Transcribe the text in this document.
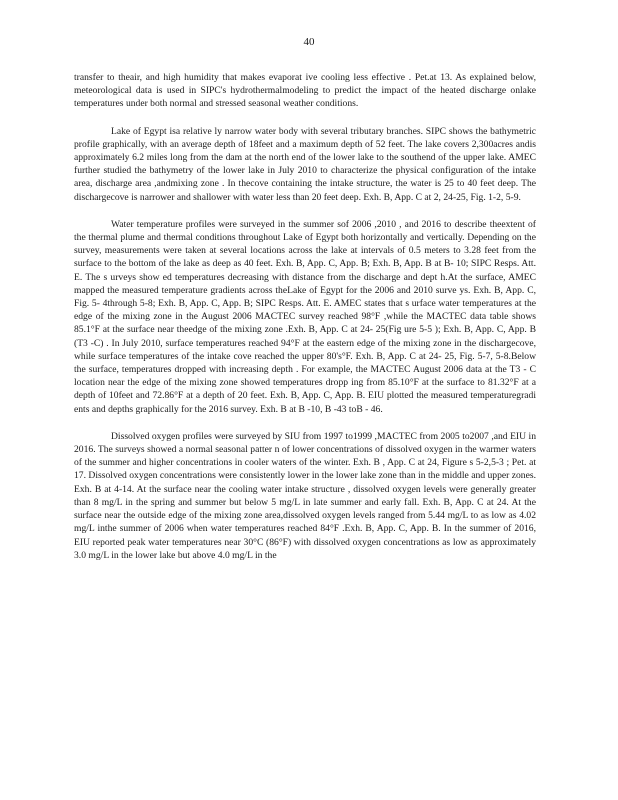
40

transfer to theair, and high humidity that makes evaporat ive cooling less effective . Pet.at 13. As explained below, meteorological data is used in SIPC's hydrothermalmodeling to predict the impact of the heated discharge onlake temperatures under both normal and stressed seasonal weather conditions.

Lake of Egypt isa relative ly narrow water body with several tributary branches. SIPC shows the bathymetric profile graphically, with an average depth of 18feet and a maximum depth of 52 feet. The lake covers 2,300acres andis approximately 6.2 miles long from the dam at the north end of the lower lake to the southend of the upper lake. AMEC further studied the bathymetry of the lower lake in July 2010 to characterize the physical configuration of the intake area, discharge area ,andmixing zone . In thecove containing the intake structure, the water is 25 to 40 feet deep. The dischargecove is narrower and shallower with water less than 20 feet deep. Exh. B, App. C at 2, 24-25, Fig. 1-2, 5-9.

Water temperature profiles were surveyed in the summer sof 2006 ,2010 , and 2016 to describe theextent of the thermal plume and thermal conditions throughout Lake of Egypt both horizontally and vertically. Depending on the survey, measurements were taken at several locations across the lake at intervals of 0.5 meters to 3.28 feet from the surface to the bottom of the lake as deep as 40 feet. Exh. B, App. C, App. B; Exh. B, App. B at B- 10; SIPC Resps. Att. E. The s urveys show ed temperatures decreasing with distance from the discharge and dept h.At the surface, AMEC mapped the measured temperature gradients across theLake of Egypt for the 2006 and 2010 surve ys. Exh. B, App. C, Fig. 5- 4through 5-8; Exh. B, App. C, App. B; SIPC Resps. Att. E. AMEC states that s urface water temperatures at the edge of the mixing zone in the August 2006 MACTEC survey reached 98°F ,while the MACTEC data table shows 85.1°F at the surface near theedge of the mixing zone .Exh. B, App. C at 24- 25(Fig ure 5-5 ); Exh. B, App. C, App. B (T3 -C) . In July 2010, surface temperatures reached 94°F at the eastern edge of the mixing zone in the dischargecove, while surface temperatures of the intake cove reached the upper 80's°F. Exh. B, App. C at 24- 25, Fig. 5-7, 5-8.Below the surface, temperatures dropped with increasing depth . For example, the MACTEC August 2006 data at the T3 - C location near the edge of the mixing zone showed temperatures dropp ing from 85.10°F at the surface to 81.32°F at a depth of 10feet and 72.86°F at a depth of 20 feet. Exh. B, App. C, App. B. EIU plotted the measured temperaturegradi ents and depths graphically for the 2016 survey. Exh. B at B -10, B -43 toB - 46.

Dissolved oxygen profiles were surveyed by SIU from 1997 to1999 ,MACTEC from 2005 to2007 ,and EIU in 2016. The surveys showed a normal seasonal patter n of lower concentrations of dissolved oxygen in the warmer waters of the summer and higher concentrations in cooler waters of the winter. Exh. B , App. C at 24, Figure s 5-2,5-3 ; Pet. at 17. Dissolved oxygen concentrations were consistently lower in the lower lake zone than in the middle and upper zones. Exh. B at 4-14. At the surface near the cooling water intake structure , dissolved oxygen levels were generally greater than 8 mg/L in the spring and summer but below 5 mg/L in late summer and early fall. Exh. B, App. C at 24. At the surface near the outside edge of the mixing zone area,dissolved oxygen levels ranged from 5.44 mg/L to as low as 4.02 mg/L inthe summer of 2006 when water temperatures reached 84°F .Exh. B, App. C, App. B. In the summer of 2016, EIU reported peak water temperatures near 30°C (86°F) with dissolved oxygen concentrations as low as approximately 3.0 mg/L in the lower lake but above 4.0 mg/L in the
